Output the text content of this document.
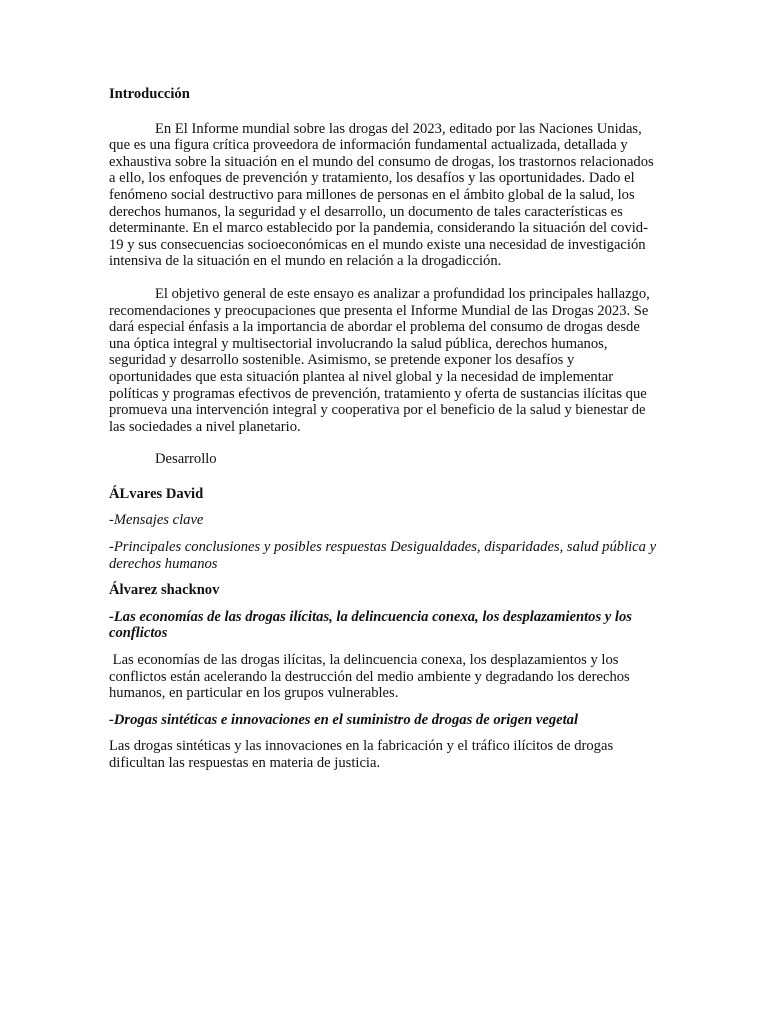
Introducción

En El Informe mundial sobre las drogas del 2023, editado por las Naciones Unidas, que es una figura crítica proveedora de información fundamental actualizada, detallada y exhaustiva sobre la situación en el mundo del consumo de drogas, los trastornos relacionados a ello, los enfoques de prevención y tratamiento, los desafíos y las oportunidades. Dado el fenómeno social destructivo para millones de personas en el ámbito global de la salud, los derechos humanos, la seguridad y el desarrollo, un documento de tales características es determinante. En el marco establecido por la pandemia, considerando la situación del covid-19 y sus consecuencias socioeconómicas en el mundo existe una necesidad de investigación intensiva de la situación en el mundo en relación a la drogadicción.

El objetivo general de este ensayo es analizar a profundidad los principales hallazgo, recomendaciones y preocupaciones que presenta el Informe Mundial de las Drogas 2023. Se dará especial énfasis a la importancia de abordar el problema del consumo de drogas desde una óptica integral y multisectorial involucrando la salud pública, derechos humanos, seguridad y desarrollo sostenible. Asimismo, se pretende exponer los desafíos y oportunidades que esta situación plantea al nivel global y la necesidad de implementar políticas y programas efectivos de prevención, tratamiento y oferta de sustancias ilícitas que promueva una intervención integral y cooperativa por el beneficio de la salud y bienestar de las sociedades a nivel planetario.

Desarrollo

ÁLvares David

-Mensajes clave

-Principales conclusiones y posibles respuestas Desigualdades, disparidades, salud pública y derechos humanos

Álvarez shacknov

-Las economías de las drogas ilícitas, la delincuencia conexa, los desplazamientos y los conflictos

Las economías de las drogas ilícitas, la delincuencia conexa, los desplazamientos y los conflictos están acelerando la destrucción del medio ambiente y degradando los derechos humanos, en particular en los grupos vulnerables.

-Drogas sintéticas e innovaciones en el suministro de drogas de origen vegetal

Las drogas sintéticas y las innovaciones en la fabricación y el tráfico ilícitos de drogas dificultan las respuestas en materia de justicia.
